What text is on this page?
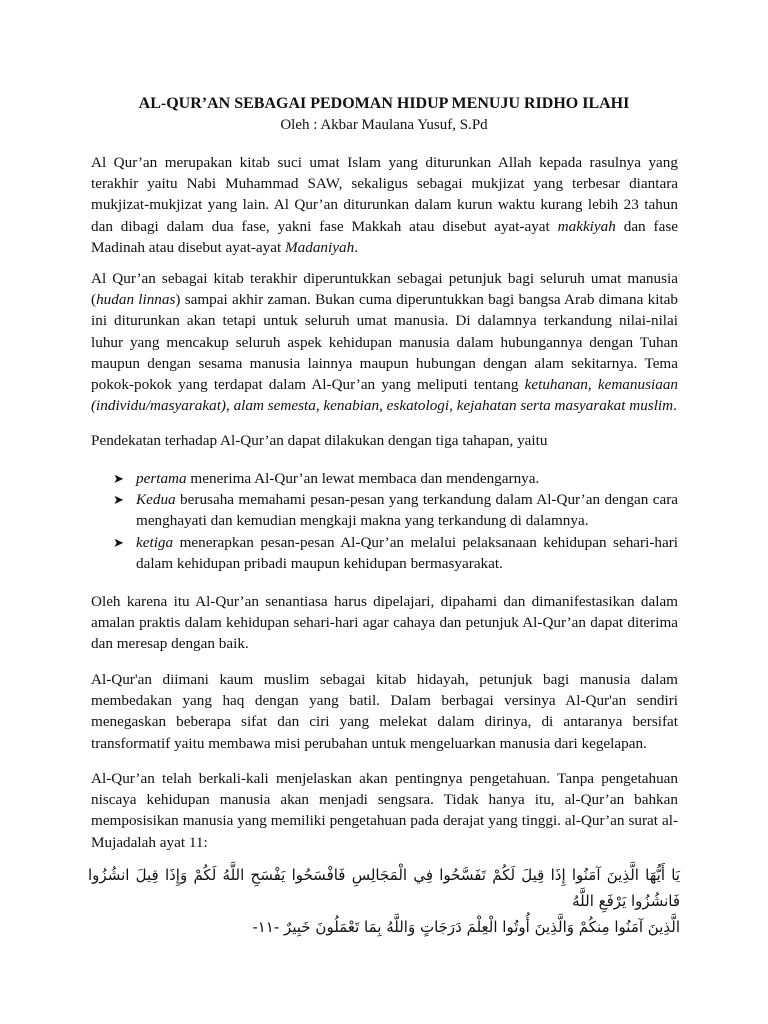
AL-QUR’AN SEBAGAI PEDOMAN HIDUP MENUJU RIDHO ILAHI
Oleh : Akbar Maulana Yusuf, S.Pd

Al Qur’an merupakan kitab suci umat Islam yang diturunkan Allah kepada rasulnya yang terakhir yaitu Nabi Muhammad SAW, sekaligus sebagai mukjizat yang terbesar diantara mukjizat-mukjizat yang lain. Al Qur’an diturunkan dalam kurun waktu kurang lebih 23 tahun dan dibagi dalam dua fase, yakni fase Makkah atau disebut ayat-ayat makkiyah dan fase Madinah atau disebut ayat-ayat Madaniyah.

Al Qur’an sebagai kitab terakhir diperuntukkan sebagai petunjuk bagi seluruh umat manusia (hudan linnas) sampai akhir zaman. Bukan cuma diperuntukkan bagi bangsa Arab dimana kitab ini diturunkan akan tetapi untuk seluruh umat manusia. Di dalamnya terkandung nilai-nilai luhur yang mencakup seluruh aspek kehidupan manusia dalam hubungannya dengan Tuhan maupun dengan sesama manusia lainnya maupun hubungan dengan alam sekitarnya. Tema pokok-pokok yang terdapat dalam Al-Qur’an yang meliputi tentang ketuhanan, kemanusiaan (individu/masyarakat), alam semesta, kenabian, eskatologi, kejahatan serta masyarakat muslim.

Pendekatan terhadap Al-Qur’an dapat dilakukan dengan tiga tahapan, yaitu
➤ pertama menerima Al-Qur’an lewat membaca dan mendengarnya.
➤ Kedua berusaha memahami pesan-pesan yang terkandung dalam Al-Qur’an dengan cara menghayati dan kemudian mengkaji makna yang terkandung di dalamnya.
➤ ketiga menerapkan pesan-pesan Al-Qur’an melalui pelaksanaan kehidupan sehari-hari dalam kehidupan pribadi maupun kehidupan bermasyarakat.
Oleh karena itu Al-Qur’an senantiasa harus dipelajari, dipahami dan dimanifestasikan dalam amalan praktis dalam kehidupan sehari-hari agar cahaya dan petunjuk Al-Qur’an dapat diterima dan meresap dengan baik.
Al-Qur'an diimani kaum muslim sebagai kitab hidayah, petunjuk bagi manusia dalam membedakan yang haq dengan yang batil. Dalam berbagai versinya Al-Qur'an sendiri menegaskan beberapa sifat dan ciri yang melekat dalam dirinya, di antaranya bersifat transformatif yaitu membawa misi perubahan untuk mengeluarkan manusia dari kegelapan.
Al-Qur’an telah berkali-kali menjelaskan akan pentingnya pengetahuan. Tanpa pengetahuan niscaya kehidupan manusia akan menjadi sengsara. Tidak hanya itu, al-Qur’an bahkan memposisikan manusia yang memiliki pengetahuan pada derajat yang tinggi. al-Qur’an surat al-Mujadalah ayat 11:
يَا أَيُّهَا الَّذِينَ آمَنُوا إِذَا قِيلَ لَكُمْ تَفَسَّحُوا فِي الْمَجَالِسِ فَافْسَحُوا يَفْسَحِ اللَّهُ لَكُمْ وَإِذَا قِيلَ انشُزُوا فَانشُزُوا يَرْفَعِ اللَّهُ
الَّذِينَ آمَنُوا مِنكُمْ وَالَّذِينَ أُوتُوا الْعِلْمَ دَرَجَاتٍ وَاللَّهُ بِمَا تَعْمَلُونَ خَبِيرٌ -١١-
